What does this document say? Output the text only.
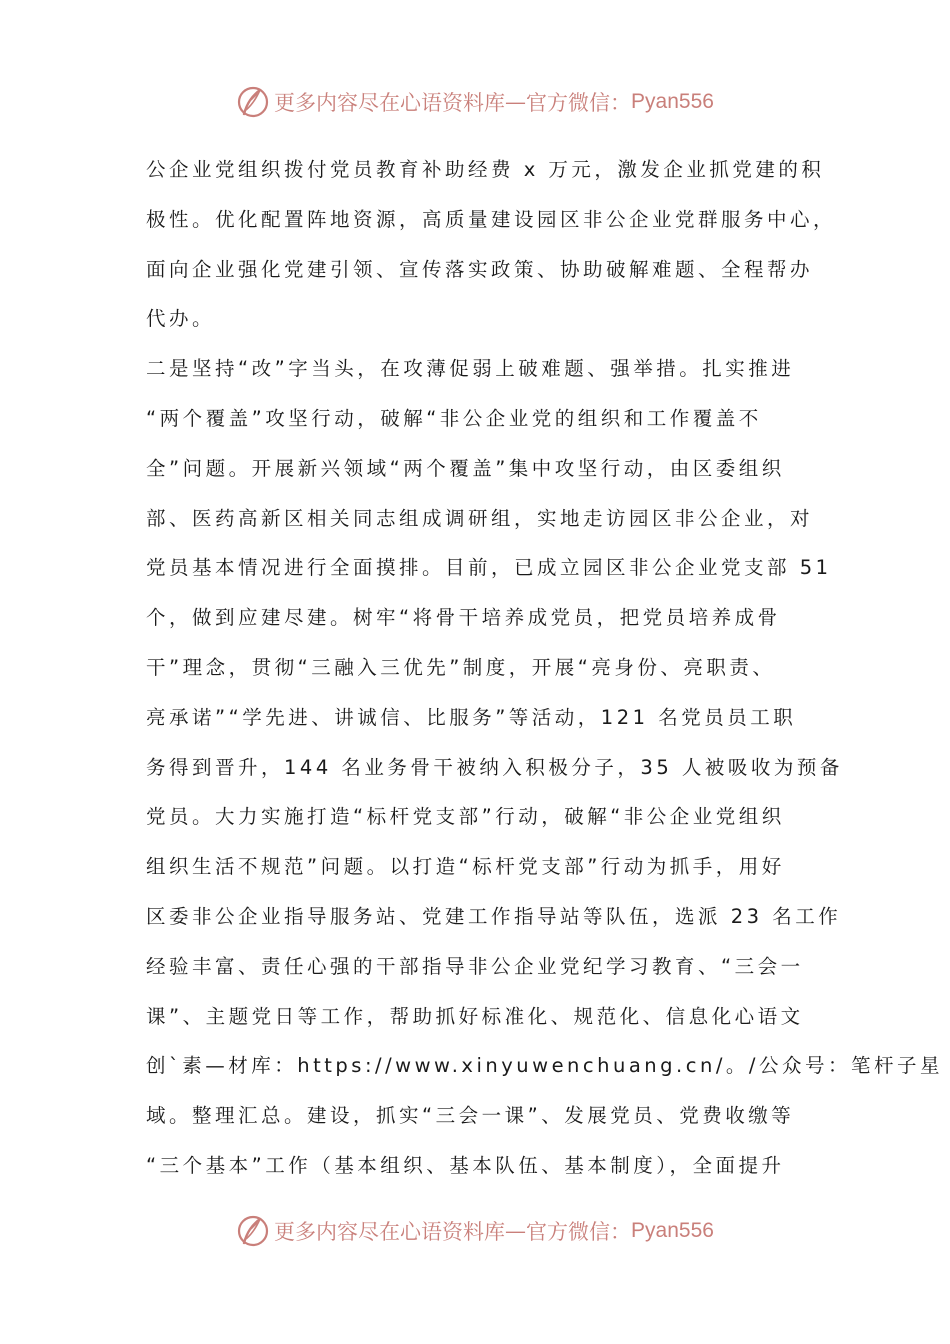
更多内容尽在心语资料库 — 官方微信： Pyan556
公企业党组织拨付党员教育补助经费 x 万元，激发企业抓党建的积
极性。优化配置阵地资源，高质量建设园区非公企业党群服务中心，
面向企业强化党建引领、宣传落实政策、协助破解难题、全程帮办
代办。
二是坚持“改”字当头，在攻薄促弱上破难题、强举措。扎实推进
“两个覆盖”攻坚行动，破解“非公企业党的组织和工作覆盖不
全”问题。开展新兴领域“两个覆盖”集中攻坚行动，由区委组织
部、医药高新区相关同志组成调研组，实地走访园区非公企业，对
党员基本情况进行全面摸排。目前，已成立园区非公企业党支部 51
个，做到应建尽建。树牢“将骨干培养成党员，把党员培养成骨
干”理念，贯彻“三融入三优先”制度，开展“亮身份、亮职责、
亮承诺”“学先进、讲诚信、比服务”等活动，121 名党员员工职
务得到晋升，144 名业务骨干被纳入积极分子，35 人被吸收为预备
党员。大力实施打造“标杆党支部”行动，破解“非公企业党组织
组织生活不规范”问题。以打造“标杆党支部”行动为抓手，用好
区委非公企业指导服务站、党建工作指导站等队伍，选派 23 名工作
经验丰富、责任心强的干部指导非公企业党纪学习教育、“三会一
课”、主题党日等工作，帮助抓好标准化、规范化、信息化心语文
创`素—材库：https://www.xinyuwenchuang.cn/。/公众号：笔杆子星
域。整理汇总。建设，抓实“三会一课”、发展党员、党费收缴等
“三个基本”工作（基本组织、基本队伍、基本制度），全面提升
更多内容尽在心语资料库 — 官方微信： Pyan556
